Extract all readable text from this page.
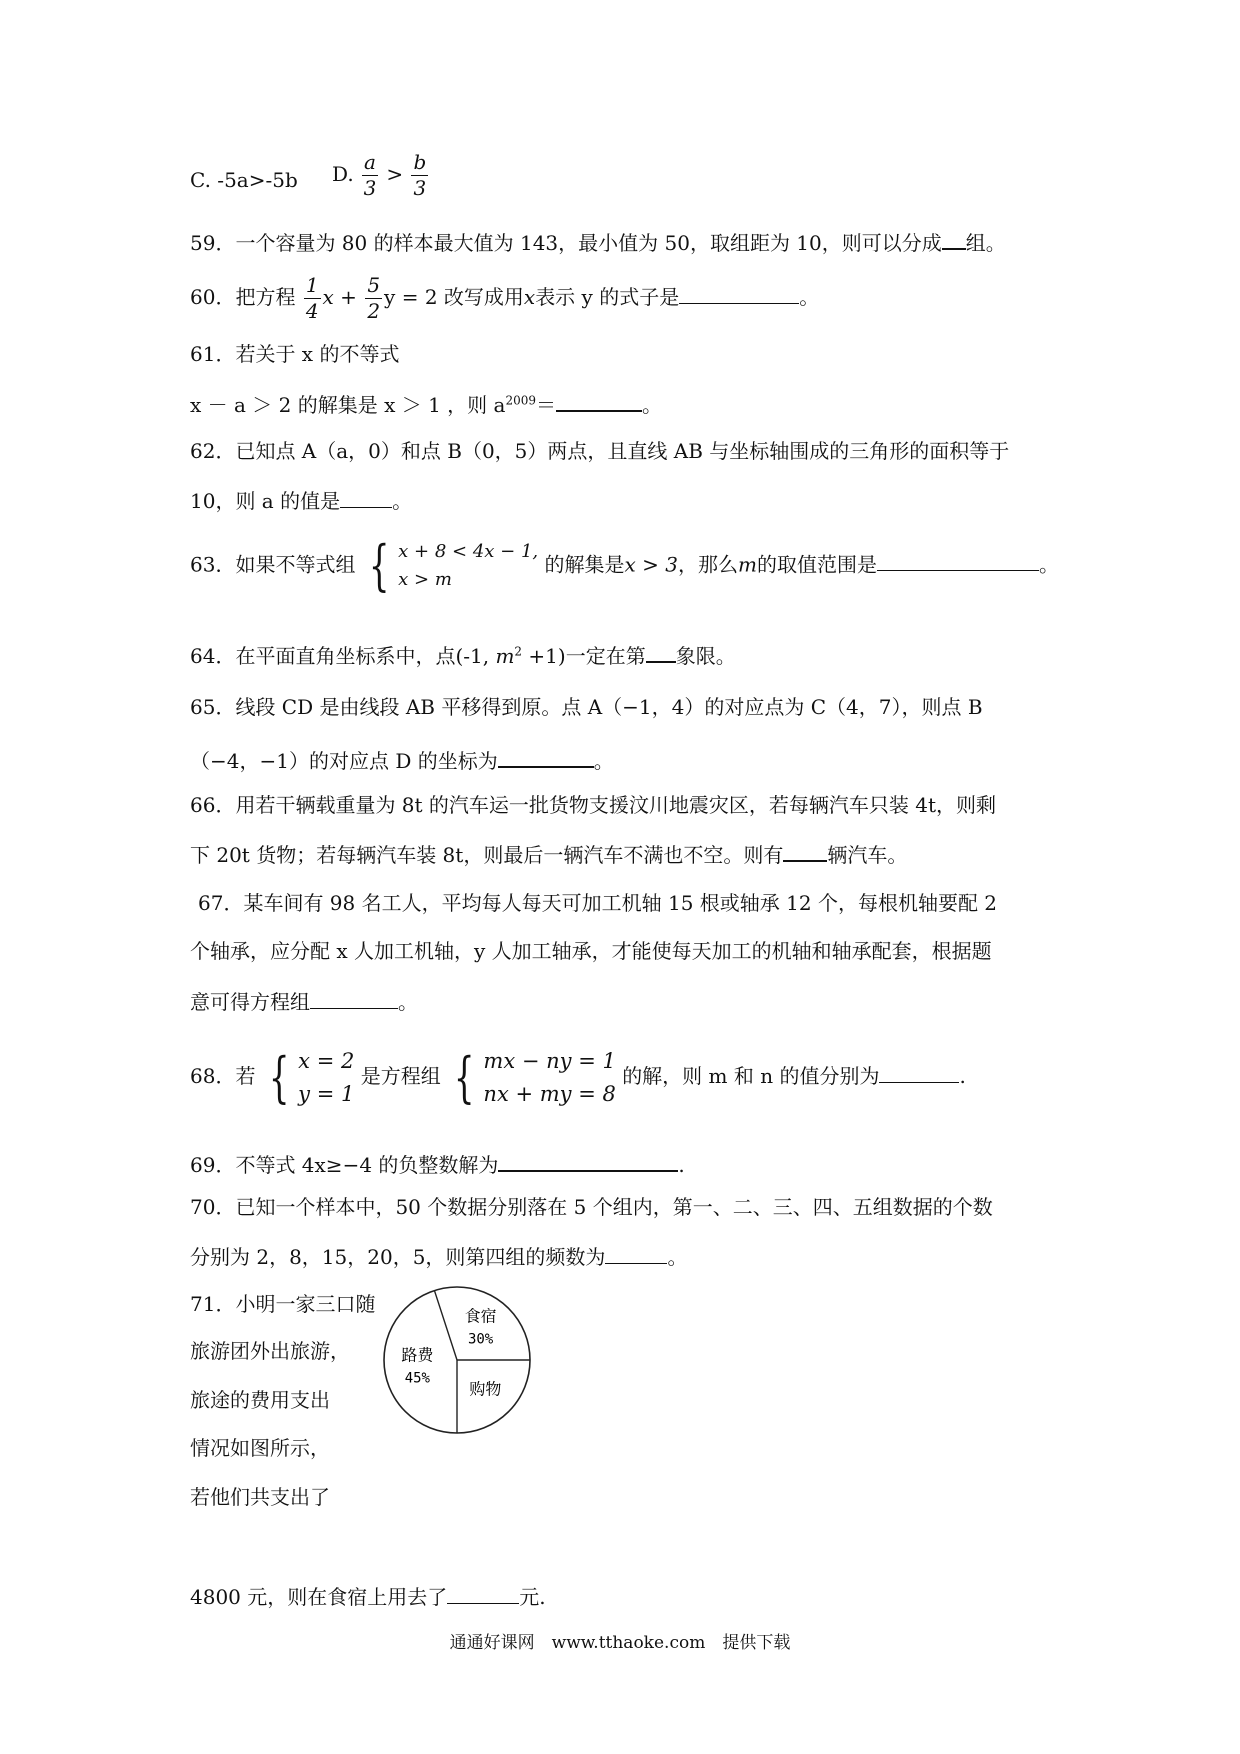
C. -5a>-5b D. $\frac{a}{3} > \frac{b}{3}$
59．一个容量为 80 的样本最大值为 143，最小值为 50，取组距为 10，则可以分成 组。
60．把方程 $\frac{1}{4}$ $x + \frac{5}{2}$ y = 2 改写成用x表示 y 的式子是	。
61．若关于 x 的不等式
x － a ＞ 2 的解集是 x ＞ 1 ，则 $a^{2009}=$	。
62．已知点 A（a，0）和点 B（0，5）两点，且直线 AB 与坐标轴围成的三角形的面积等于
10，则 a 的值是	。
63．如果不等式组 { x + 8 < 4x − 1,
x > m
的解集是x > 3，那么m的取值范围是	。
64．在平面直角坐标系中，点(-1, $m^2 +1$)一定在第 象限。
65．线段 CD 是由线段 AB 平移得到原。点 A（−1，4）的对应点为 C（4，7），则点 B
（−4，−1）的对应点 D 的坐标为	。
66．用若干辆载重量为 8t 的汽车运一批货物支援汶川地震灾区，若每辆汽车只装 4t，则剩
下 20t 货物；若每辆汽车装 8t，则最后一辆汽车不满也不空。则有 辆汽车。
67．某车间有 98 名工人，平均每人每天可加工机轴 15 根或轴承 12 个，每根机轴要配 2
个轴承，应分配 x 人加工机轴，y 人加工轴承，才能使每天加工的机轴和轴承配套，根据题
意可得方程组	。
68．若 { x = 2
y = 1
是方程组 { mx − ny = 1
nx + my = 8
的解，则 m 和 n 的值分别为	.
69．不等式 4x≥−4 的负整数解为	.
70．已知一个样本中，50 个数据分别落在 5 个组内，第一、二、三、四、五组数据的个数
分别为 2，8，15，20，5，则第四组的频数为	。
71．小明一家三口随
旅游团外出旅游，
旅途的费用支出
情况如图所示，
若他们共支出了
4800 元，则在食宿上用去了	元.
路费
45%
食宿
30%
购物
通通好课网　www.tthaoke.com　提供下载
